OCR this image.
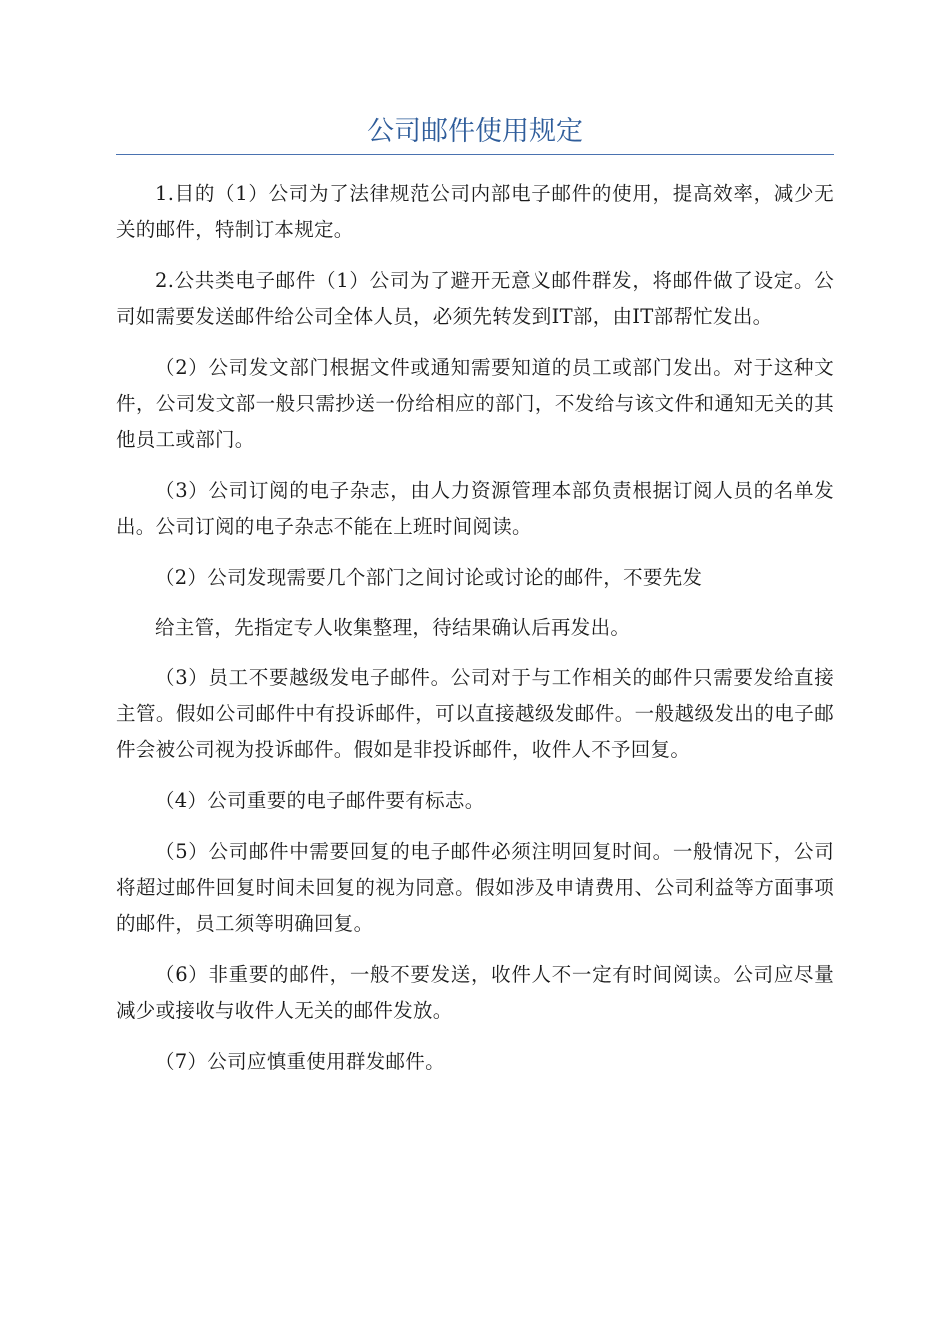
公司邮件使用规定

1.目的（1）公司为了法律规范公司内部电子邮件的使用，提高效率，减少无关的邮件，特制订本规定。

2.公共类电子邮件（1）公司为了避开无意义邮件群发，将邮件做了设定。公司如需要发送邮件给公司全体人员，必须先转发到IT部，由IT部帮忙发出。

（2）公司发文部门根据文件或通知需要知道的员工或部门发出。对于这种文件，公司发文部一般只需抄送一份给相应的部门，不发给与该文件和通知无关的其他员工或部门。

（3）公司订阅的电子杂志，由人力资源管理本部负责根据订阅人员的名单发出。公司订阅的电子杂志不能在上班时间阅读。

（2）公司发现需要几个部门之间讨论或讨论的邮件，不要先发

给主管，先指定专人收集整理，待结果确认后再发出。

（3）员工不要越级发电子邮件。公司对于与工作相关的邮件只需要发给直接主管。假如公司邮件中有投诉邮件，可以直接越级发邮件。一般越级发出的电子邮件会被公司视为投诉邮件。假如是非投诉邮件，收件人不予回复。

（4）公司重要的电子邮件要有标志。

（5）公司邮件中需要回复的电子邮件必须注明回复时间。一般情况下，公司将超过邮件回复时间未回复的视为同意。假如涉及申请费用、公司利益等方面事项的邮件，员工须等明确回复。

（6）非重要的邮件，一般不要发送，收件人不一定有时间阅读。公司应尽量减少或接收与收件人无关的邮件发放。

（7）公司应慎重使用群发邮件。
